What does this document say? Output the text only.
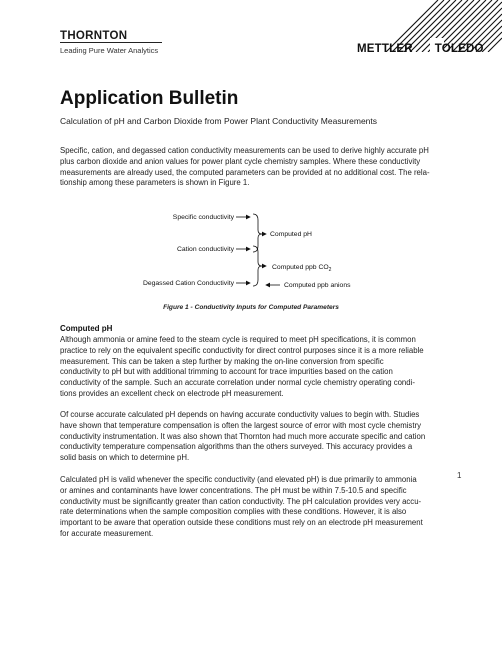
THORNTON
Leading Pure Water Analytics	METTLER TOLEDO
Application Bulletin
Calculation of pH and Carbon Dioxide from Power Plant Conductivity Measurements

Specific, cation, and degassed cation conductivity measurements can be used to derive highly accurate pH
plus carbon dioxide and anion values for power plant cycle chemistry samples. Where these conductivity
measurements are already used, the computed parameters can be provided at no additional cost. The rela-
tionship among these parameters is shown in Figure 1.

Specific conductivity
Cation conductivity
Degassed Cation Conductivity
Computed pH
Computed ppb $CO_2$
Computed ppb anions
Figure 1 - Conductivity Inputs for Computed Parameters
Computed pH

Although ammonia or amine feed to the steam cycle is required to meet pH specifications, it is common
practice to rely on the equivalent specific conductivity for direct control purposes since it is a more reliable
measurement. This can be taken a step further by making the on-line conversion from specific
conductivity to pH but with additional trimming to account for trace impurities based on the cation
conductivity of the sample. Such an accurate correlation under normal cycle chemistry operating condi-
tions provides an excellent check on electrode pH measurement.

Of course accurate calculated pH depends on having accurate conductivity values to begin with. Studies
have shown that temperature compensation is often the largest source of error with most cycle chemistry
conductivity instrumentation. It was also shown that Thornton had much more accurate specific and cation
conductivity temperature compensation algorithms than the others surveyed. This accuracy provides a
solid basis on which to determine pH.

Calculated pH is valid whenever the specific conductivity (and elevated pH) is due primarily to ammonia
or amines and contaminants have lower concentrations. The pH must be within 7.5-10.5 and specific
conductivity must be significantly greater than cation conductivity. The pH calculation provides very accu-
rate determinations when the sample composition complies with these conditions. However, it is also
important to be aware that operation outside these conditions must rely on an electrode pH measurement
for accurate measurement.

1
